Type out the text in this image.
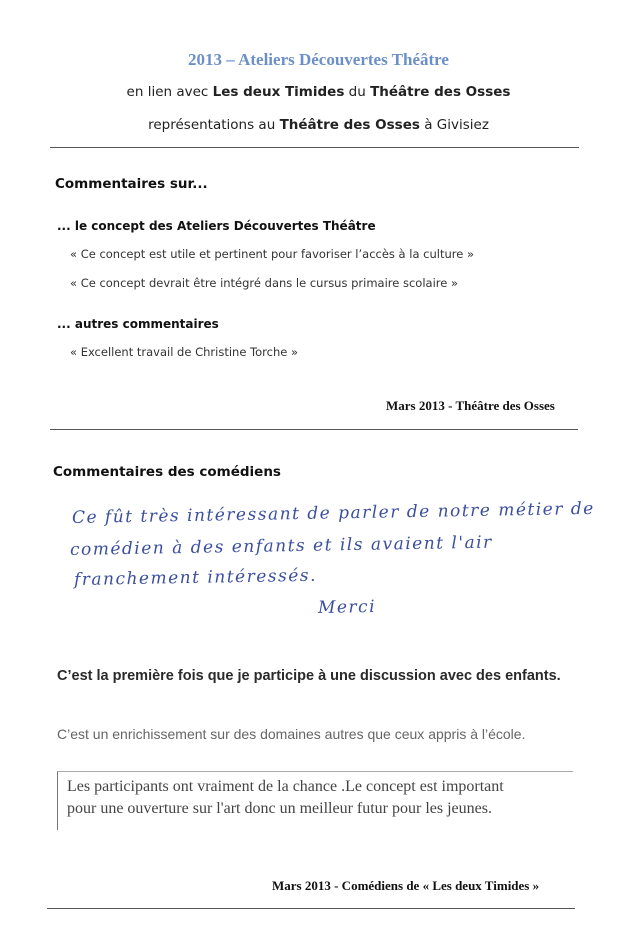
2013 – Ateliers Découvertes Théâtre
en lien avec Les deux Timides du Théâtre des Osses
représentations au Théâtre des Osses à Givisiez
Commentaires sur...
... le concept des Ateliers Découvertes Théâtre
« Ce concept est utile et pertinent pour favoriser l’accès à la culture »
« Ce concept devrait être intégré dans le cursus primaire scolaire »
... autres commentaires
« Excellent travail de Christine Torche »
Mars 2013 - Théâtre des Osses
Commentaires des comédiens
Ce fût très intéressant de parler de notre métier de
comédien à des enfants et ils avaient l'air
franchement intéressés.
Merci
C’est la première fois que je participe à une discussion avec des enfants.
C’est un enrichissement sur des domaines autres que ceux appris à l’école.
Les participants ont vraiment de la chance .Le concept est important
pour une ouverture sur l'art donc un meilleur futur pour les jeunes.
Mars 2013 - Comédiens de « Les deux Timides »
